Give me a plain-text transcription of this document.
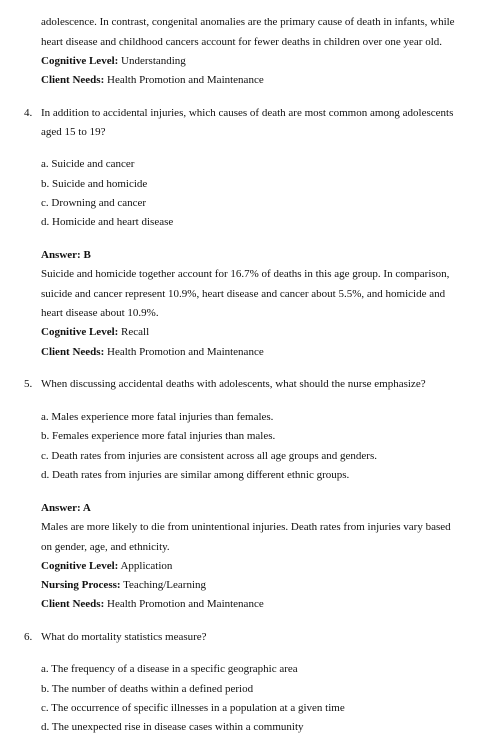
adolescence. In contrast, congenital anomalies are the primary cause of death in infants, while
heart disease and childhood cancers account for fewer deaths in children over one year old.
Cognitive Level: Understanding
Client Needs: Health Promotion and Maintenance
4. In addition to accidental injuries, which causes of death are most common among adolescents
aged 15 to 19?
a. Suicide and cancer
b. Suicide and homicide
c. Drowning and cancer
d. Homicide and heart disease
Answer: B
Suicide and homicide together account for 16.7% of deaths in this age group. In comparison,
suicide and cancer represent 10.9%, heart disease and cancer about 5.5%, and homicide and
heart disease about 10.9%.
Cognitive Level: Recall
Client Needs: Health Promotion and Maintenance
5. When discussing accidental deaths with adolescents, what should the nurse emphasize?
a. Males experience more fatal injuries than females.
b. Females experience more fatal injuries than males.
c. Death rates from injuries are consistent across all age groups and genders.
d. Death rates from injuries are similar among different ethnic groups.
Answer: A
Males are more likely to die from unintentional injuries. Death rates from injuries vary based
on gender, age, and ethnicity.
Cognitive Level: Application
Nursing Process: Teaching/Learning
Client Needs: Health Promotion and Maintenance
6. What do mortality statistics measure?
a. The frequency of a disease in a specific geographic area
b. The number of deaths within a defined period
c. The occurrence of specific illnesses in a population at a given time
d. The unexpected rise in disease cases within a community
